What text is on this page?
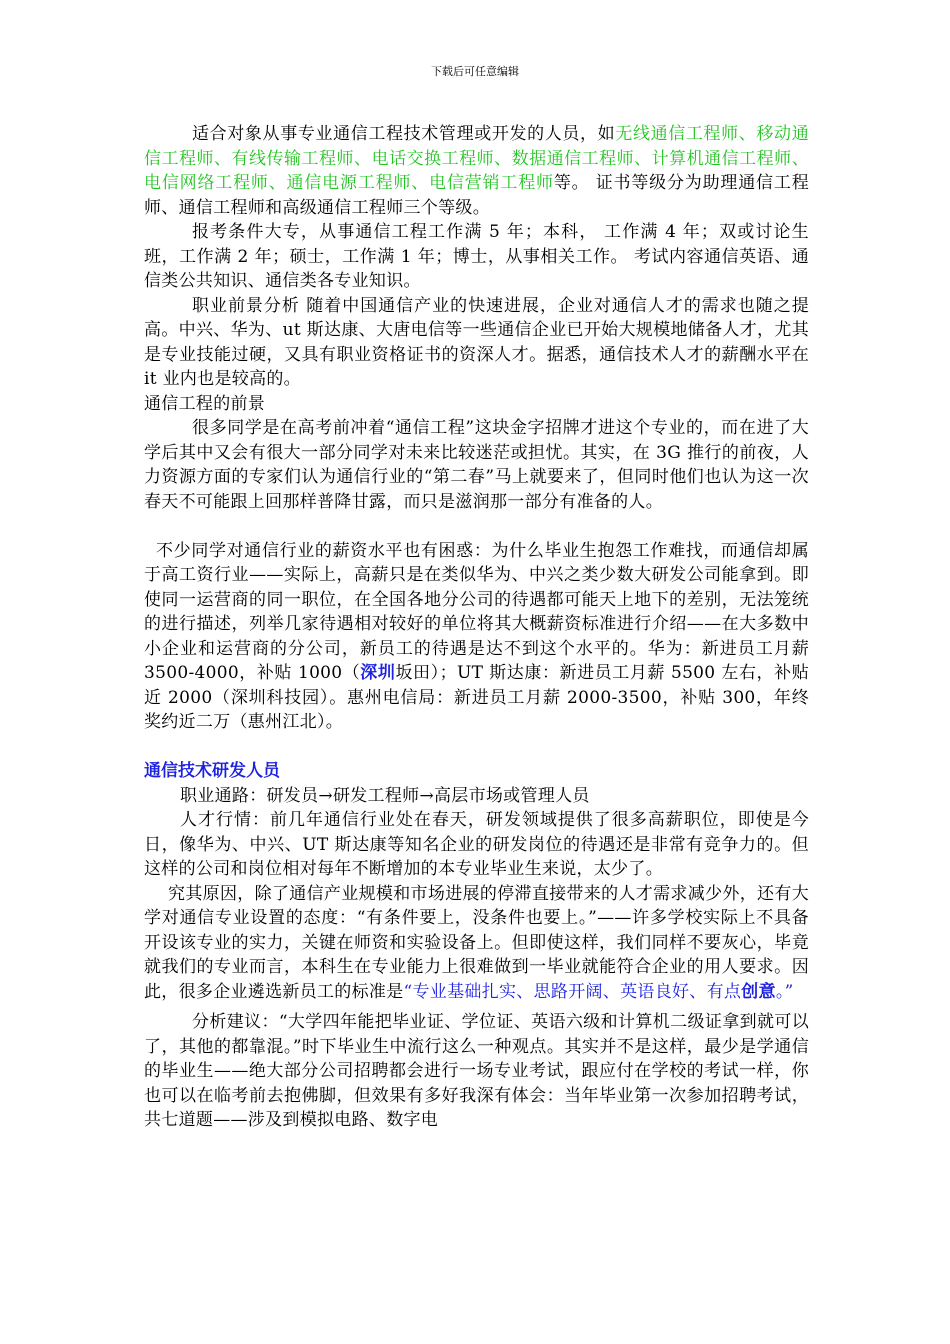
下载后可任意编辑

适合对象从事专业通信工程技术管理或开发的人员，如无线通信工程师、移动通信工程师、有线传输工程师、电话交换工程师、数据通信工程师、计算机通信工程师、电信网络工程师、通信电源工程师、电信营销工程师等。 证书等级分为助理通信工程师、通信工程师和高级通信工程师三个等级。

报考条件大专，从事通信工程工作满 5 年；本科， 工作满 4 年；双或讨论生班，工作满 2 年；硕士，工作满 1 年；博士，从事相关工作。 考试内容通信英语、通信类公共知识、通信类各专业知识。

职业前景分析 随着中国通信产业的快速进展，企业对通信人才的需求也随之提高。中兴、华为、ut 斯达康、大唐电信等一些通信企业已开始大规模地储备人才，尤其是专业技能过硬，又具有职业资格证书的资深人才。据悉，通信技术人才的薪酬水平在 it 业内也是较高的。

通信工程的前景

很多同学是在高考前冲着“通信工程”这块金字招牌才进这个专业的，而在进了大学后其中又会有很大一部分同学对未来比较迷茫或担忧。其实，在 3G 推行的前夜，人力资源方面的专家们认为通信行业的“第二春”马上就要来了，但同时他们也认为这一次春天不可能跟上回那样普降甘露，而只是滋润那一部分有准备的人。

不少同学对通信行业的薪资水平也有困惑：为什么毕业生抱怨工作难找，而通信却属于高工资行业——实际上，高薪只是在类似华为、中兴之类少数大研发公司能拿到。即使同一运营商的同一职位，在全国各地分公司的待遇都可能天上地下的差别，无法笼统的进行描述，列举几家待遇相对较好的单位将其大概薪资标准进行介绍——在大多数中小企业和运营商的分公司，新员工的待遇是达不到这个水平的。华为：新进员工月薪 3500-4000，补贴 1000（深圳坂田）；UT 斯达康：新进员工月薪 5500 左右，补贴近 2000（深圳科技园）。惠州电信局：新进员工月薪 2000-3500，补贴 300，年终奖约近二万（惠州江北）。

通信技术研发人员

职业通路：研发员→研发工程师→高层市场或管理人员

人才行情：前几年通信行业处在春天，研发领域提供了很多高薪职位，即使是今日，像华为、中兴、UT 斯达康等知名企业的研发岗位的待遇还是非常有竞争力的。但这样的公司和岗位相对每年不断增加的本专业毕业生来说，太少了。

究其原因，除了通信产业规模和市场进展的停滞直接带来的人才需求减少外，还有大学对通信专业设置的态度：“有条件要上，没条件也要上。”——许多学校实际上不具备开设该专业的实力，关键在师资和实验设备上。但即使这样，我们同样不要灰心，毕竟就我们的专业而言，本科生在专业能力上很难做到一毕业就能符合企业的用人要求。因此，很多企业遴选新员工的标准是“专业基础扎实、思路开阔、英语良好、有点创意。”

分析建议：“大学四年能把毕业证、学位证、英语六级和计算机二级证拿到就可以了，其他的都靠混。”时下毕业生中流行这么一种观点。其实并不是这样，最少是学通信的毕业生——绝大部分公司招聘都会进行一场专业考试，跟应付在学校的考试一样，你也可以在临考前去抱佛脚，但效果有多好我深有体会：当年毕业第一次参加招聘考试，共七道题——涉及到模拟电路、数字电
